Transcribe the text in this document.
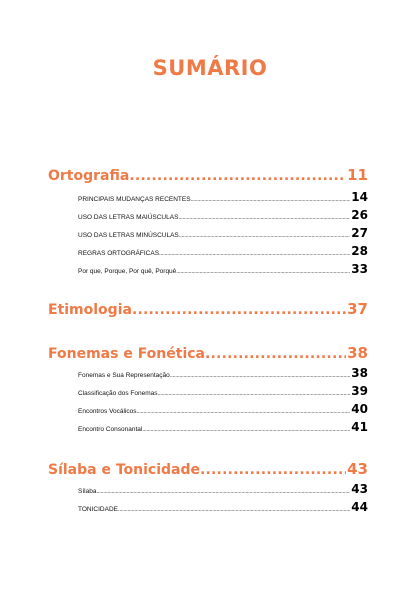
SUMÁRIO
Ortografia .....	11
PRINCIPAIS MUDANÇAS RECENTES .....	14
USO DAS LETRAS MAIÚSCULAS .....	26
USO DAS LETRAS MINÚSCULAS .....	27
REGRAS ORTOGRÁFICAS .....	28
Por que, Porque, Por quê, Porquê .....	33
Etimologia .....	37
Fonemas e Fonética .....	38
Fonemas e Sua Representação .....	38
Classificação dos Fonemas .....	39
Encontros Vocálicos .....	40
Encontro Consonantal .....	41
Sílaba e Tonicidade .....	43
Sílaba .....	43
TONICIDADE .....	44
